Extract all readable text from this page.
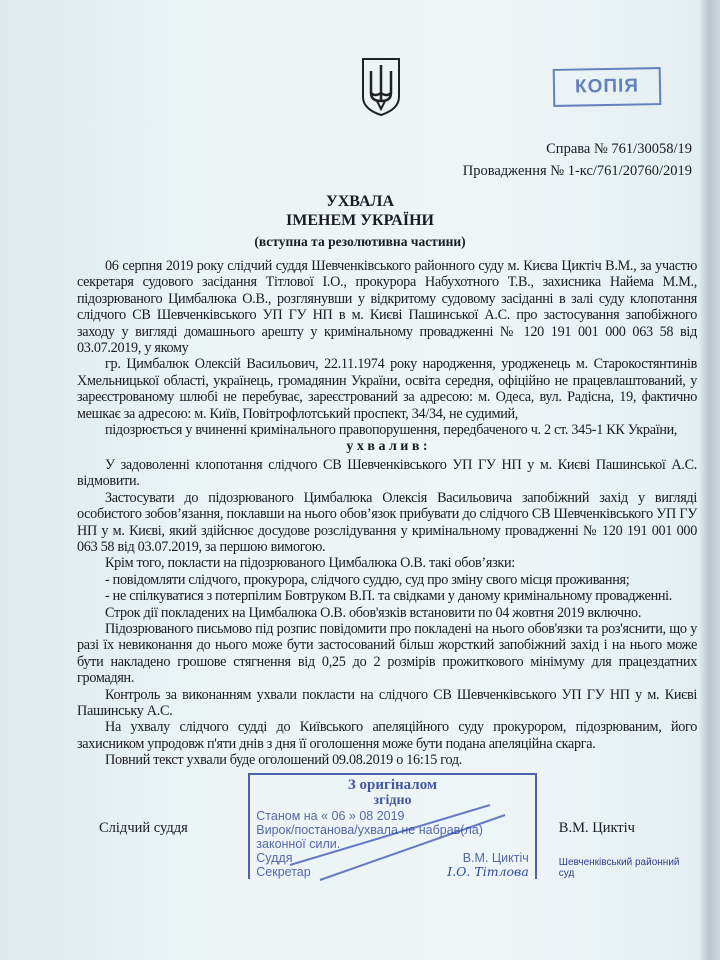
КОПІЯ
Справа № 761/30058/19
Провадження № 1-кс/761/20760/2019
УХВАЛА
ІМЕНЕМ УКРАЇНИ
(вступна та резолютивна частини)

06 серпня 2019 року слідчий суддя Шевченківського районного суду м. Києва Циктіч В.М., за участю секретаря судового засідання Тітлової І.О., прокурора Набухотного Т.В., захисника Найема М.М., підозрюваного Цимбалюка О.В., розглянувши у відкритому судовому засіданні в залі суду клопотання слідчого СВ Шевченківського УП ГУ НП в м. Києві Пашинської А.С. про застосування запобіжного заходу у вигляді домашнього арешту у кримінальному провадженні № 120 191 001 000 063 58 від 03.07.2019, у якому

гр. Цимбалюк Олексій Васильович, 22.11.1974 року народження, уродженець м. Старокостянтинів Хмельницької області, українець, громадянин України, освіта середня, офіційно не працевлаштований, у зареєстрованому шлюбі не перебуває, зареєстрований за адресою: м. Одеса, вул. Радісна, 19, фактично мешкає за адресою: м. Київ, Повітрофлотський проспект, 34/34, не судимий,

підозрюється у вчиненні кримінального правопорушення, передбаченого ч. 2 ст. 345-1 КК України,

у х в а л и в :

У задоволенні клопотання слідчого СВ Шевченківського УП ГУ НП у м. Києві Пашинської А.С. відмовити.

Застосувати до підозрюваного Цимбалюка Олексія Васильовича запобіжний захід у вигляді особистого зобов’язання, поклавши на нього обов’язок прибувати до слідчого СВ Шевченківського УП ГУ НП у м. Києві, який здійснює досудове розслідування у кримінальному провадженні № 120 191 001 000 063 58 від 03.07.2019, за першою вимогою.

Крім того, покласти на підозрюваного Цимбалюка О.В. такі обов’язки:

- повідомляти слідчого, прокурора, слідчого суддю, суд про зміну свого місця проживання;

- не спілкуватися з потерпілим Бовтруком В.П. та свідками у даному кримінальному провадженні.

Строк дії покладених на Цимбалюка О.В. обов'язків встановити по 04 жовтня 2019 включно.

Підозрюваного письмово під розпис повідомити про покладені на нього обов'язки та роз'яснити, що у разі їх невиконання до нього може бути застосований більш жорсткий запобіжний захід і на нього може бути накладено грошове стягнення від 0,25 до 2 розмірів прожиткового мінімуму для працездатних громадян.

Контроль за виконанням ухвали покласти на слідчого СВ Шевченківського УП ГУ НП у м. Києві Пашинську А.С.

На ухвалу слідчого судді до Київського апеляційного суду прокурором, підозрюваним, його захисником упродовж п'яти днів з дня її оголошення може бути подана апеляційна скарга.

Повний текст ухвали буде оголошений 09.08.2019 о 16:15 год.

Слідчий суддя
З оригіналом
згідно
Станом на « 06 » 08 2019
Вирок/постанова/ухвала не набрав(ла)
законної сили.
Суддя	В.М. Циктіч
Секретар	І.О. Тітлова
В.М. Циктіч
Шевченківський районний суд
